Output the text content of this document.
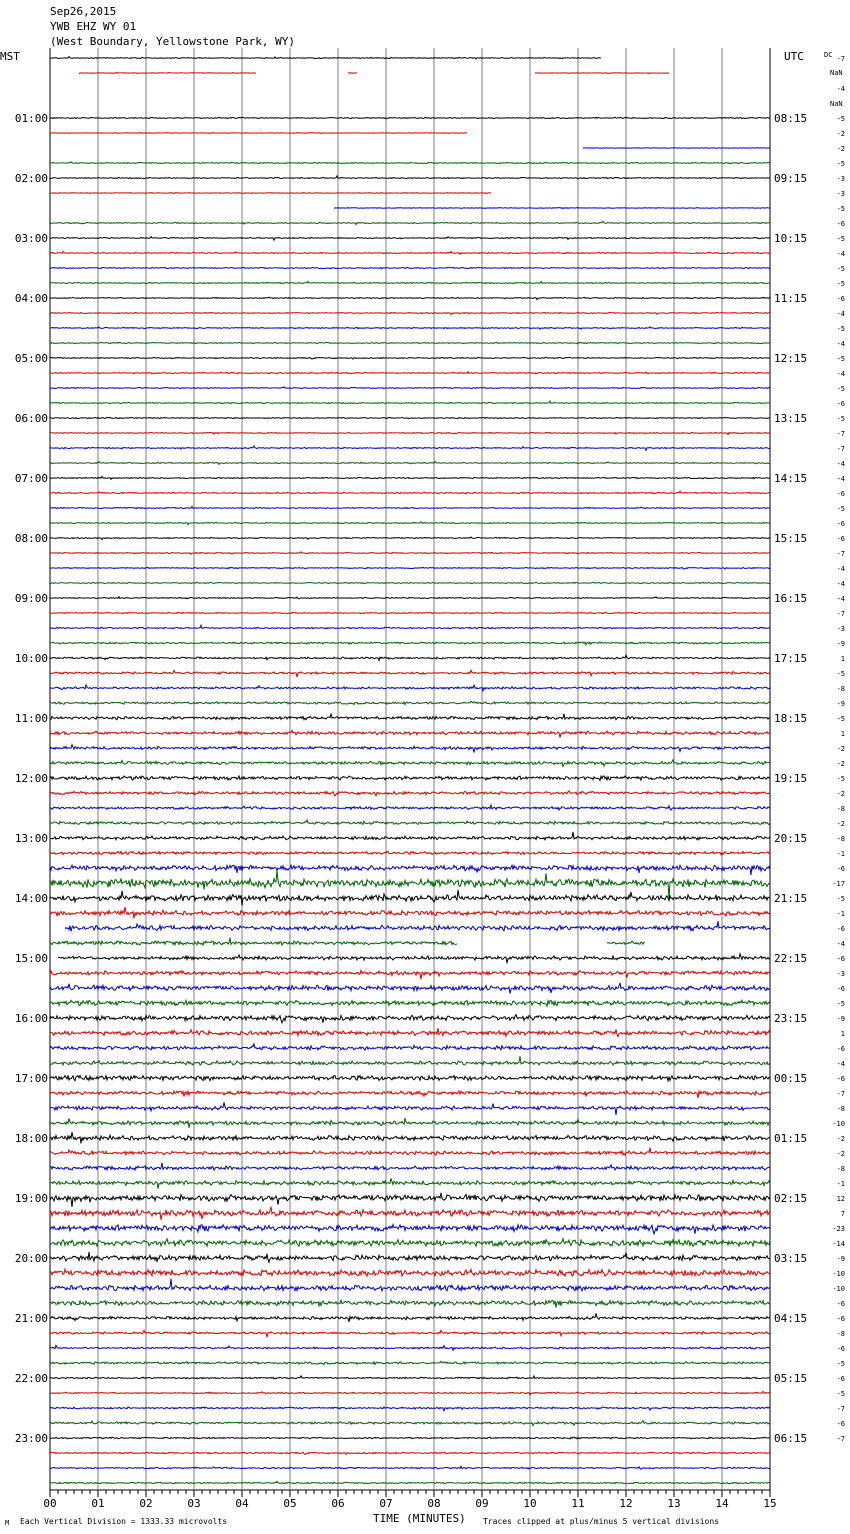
Sep26,2015
YWB EHZ WY 01
(West Boundary, Yellowstone Park, WY)
MST	UTC
00	01	02	03	04	05	06	07	08	09	10	11	12	13	14	15
01:00
02:00
03:00
04:00
05:00
06:00
07:00
08:00
09:00
10:00
11:00
12:00
13:00
14:00
15:00
16:00
17:00
18:00
19:00
20:00
21:00
22:00
23:00
08:15
09:15
10:15
11:15
12:15
13:15
14:15
15:15
16:15
17:15
18:15
19:15
20:15
21:15
22:15
23:15
00:15
01:15
02:15
03:15
04:15
05:15
06:15
DC
NaN
NaN
-7
-4
-5
-2
-2
-5
-3
-3
-5
-6
-5
-4
-5
-5
-6
-4
-5
-4
-5
-4
-5
-6
-5
-7
-7
-4
-4
-6
-5
-6
-6
-7
-4
-4
-4
-7
-3
-9
1
-5
-8
-9
-5
1
-2
-2
-5
-2
-8
-2
-8
-1
-6
-17
-5
-1
-6
-4
-6
-3
-6
-5
-9
1
-6
-4
-6
-7
-8
-10
-2
-2
-8
-1
12
7
-23
-14
-9
-10
-10
-6
-6
-8
-6
-5
-6
-5
-7
-6
-7
M Each Vertical Division = 1333.33 microvolts	TIME (MINUTES) Traces clipped at plus/minus 5 vertical divisions
